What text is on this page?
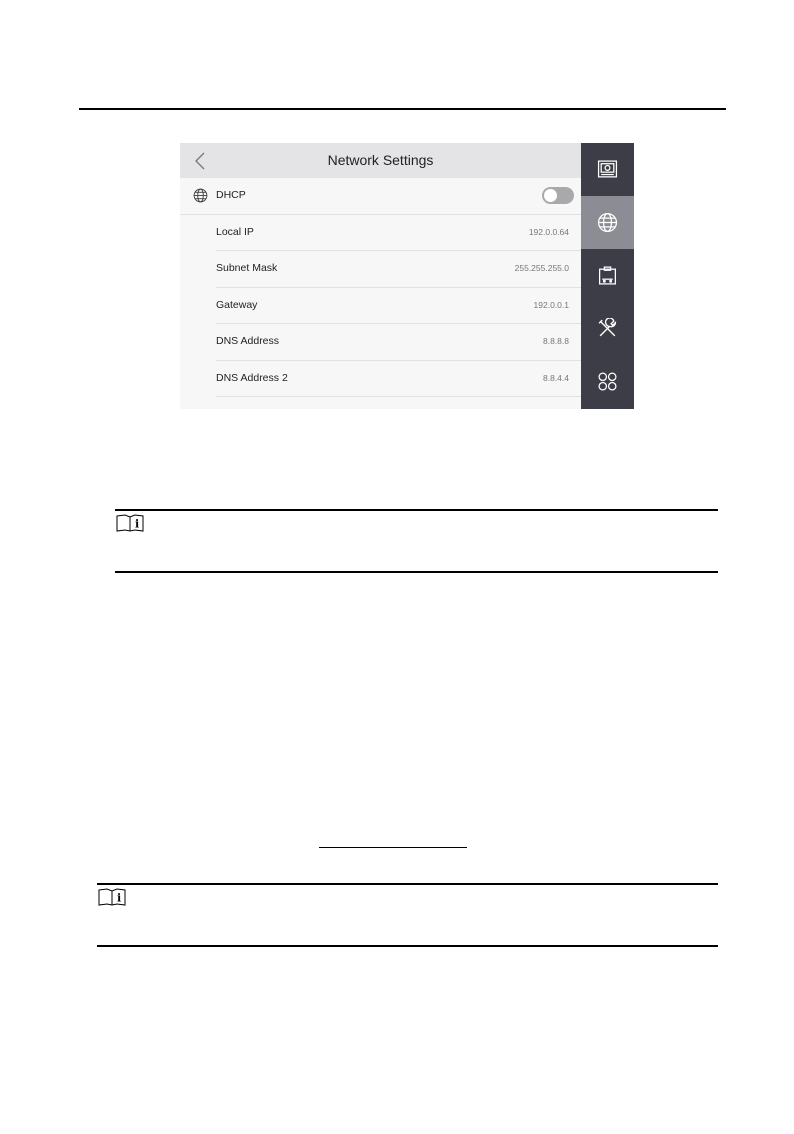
Network Settings
DHCP
Local IP	192.0.0.64
Subnet Mask	255.255.255.0
Gateway	192.0.0.1
DNS Address	8.8.8.8
DNS Address 2	8.8.4.4
i
i
